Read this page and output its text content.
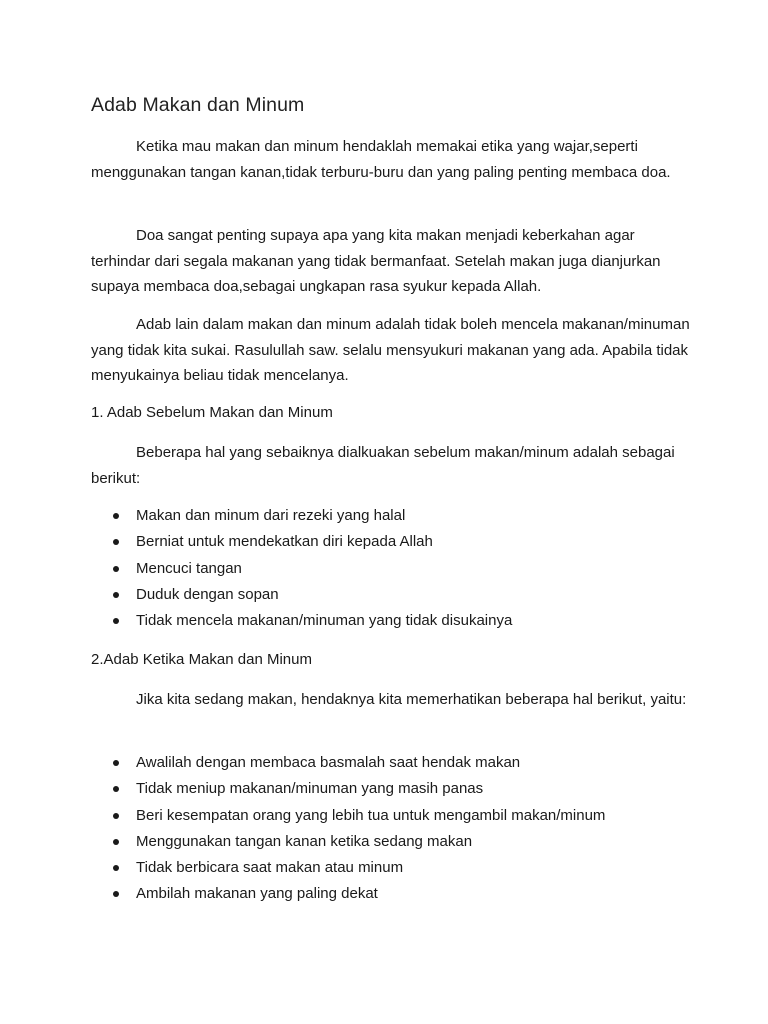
Adab Makan dan Minum

Ketika mau makan dan minum hendaklah memakai etika yang wajar,seperti menggunakan tangan kanan,tidak terburu-buru dan yang paling penting membaca doa.

Doa sangat penting supaya apa yang kita makan menjadi keberkahan agar terhindar dari segala makanan yang tidak bermanfaat. Setelah makan juga dianjurkan supaya membaca doa,sebagai ungkapan rasa syukur kepada Allah.

Adab lain dalam makan dan minum adalah tidak boleh mencela makanan/minuman yang tidak kita sukai. Rasulullah saw. selalu mensyukuri makanan yang ada. Apabila tidak menyukainya beliau tidak mencelanya.

1. Adab Sebelum Makan dan Minum

Beberapa hal yang sebaiknya dialkuakan sebelum makan/minum adalah sebagai berikut:

Makan dan minum dari rezeki yang halal
Berniat untuk mendekatkan diri kepada Allah
Mencuci tangan
Duduk dengan sopan
Tidak mencela makanan/minuman yang tidak disukainya
2.Adab Ketika Makan dan Minum

Jika kita sedang makan, hendaknya kita memerhatikan beberapa hal berikut, yaitu:

Awalilah dengan membaca basmalah saat hendak makan
Tidak meniup makanan/minuman yang masih panas
Beri kesempatan orang yang lebih tua untuk mengambil makan/minum
Menggunakan tangan kanan ketika sedang makan
Tidak berbicara saat makan atau minum
Ambilah makanan yang paling dekat
